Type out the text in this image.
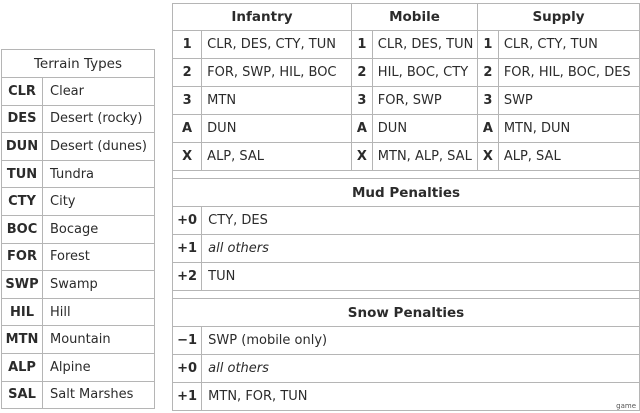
Terrain Types	
CLR	Clear
DES	Desert (rocky)
DUN	Desert (dunes)
TUN	Tundra
CTY	City
BOC	Bocage
FOR	Forest
SWP	Swamp
HIL	Hill
MTN	Mountain
ALP	Alpine
SAL	Salt Marshes
Infantry		Mobile		Supply	
1	CLR, DES, CTY, TUN	1	CLR, DES, TUN	1	CLR, CTY, TUN
2	FOR, SWP, HIL, BOC	2	HIL, BOC, CTY	2	FOR, HIL, BOC, DES
3	MTN	3	FOR, SWP	3	SWP
A	DUN	A	DUN	A	MTN, DUN
X	ALP, SAL	X	MTN, ALP, SAL	X	ALP, SAL

Mud Penalties					
+0	CTY, DES				
+1	all others				
+2	TUN				

Snow Penalties					
−1	SWP (mobile only)				
+0	all others				
+1	MTN, FOR, TUN				
game
